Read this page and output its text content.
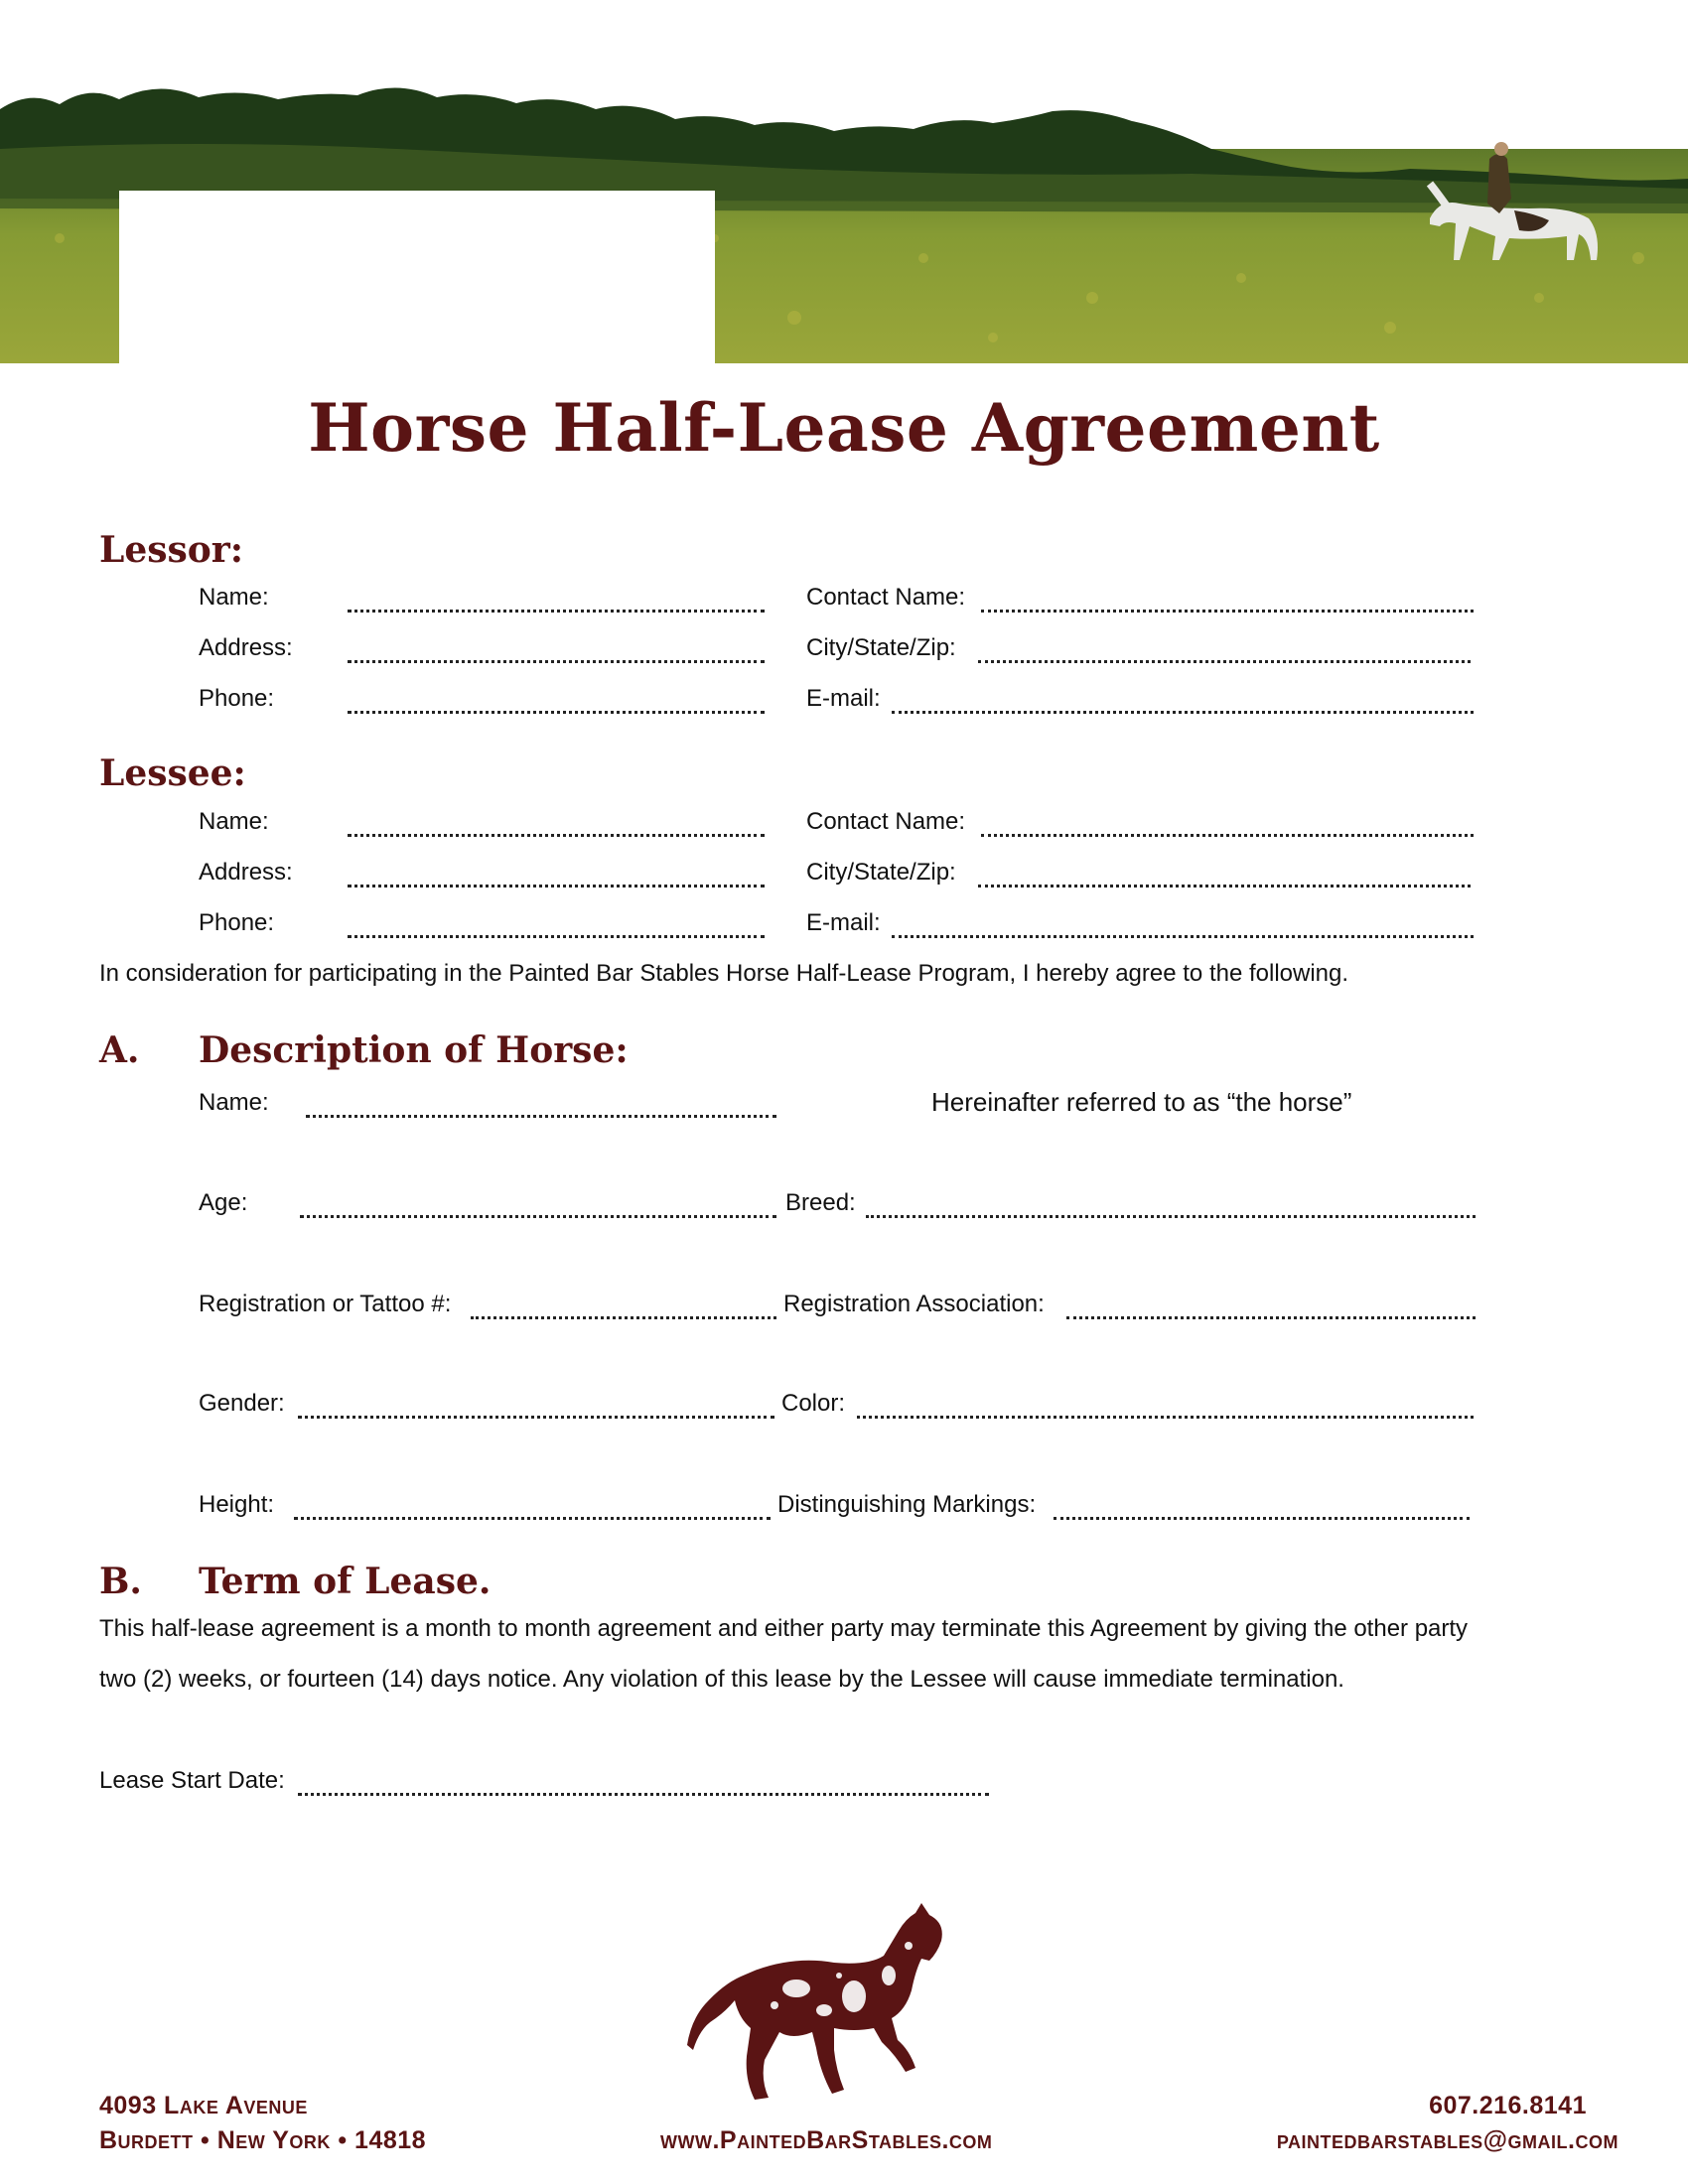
Horse Half-Lease Agreement
Lessor:
Name:	Contact Name:
Address:	City/State/Zip:
Phone:	E-mail:
Lessee:
Name:	Contact Name:
Address:	City/State/Zip:
Phone:	E-mail:
In consideration for participating in the Painted Bar Stables Horse Half-Lease Program, I hereby agree to the following.
A. Description of Horse:
Name:	Hereinafter referred to as “the horse”
Age:	Breed:
Registration or Tattoo #:	Registration Association:
Gender:	Color:
Height:	Distinguishing Markings:
B. Term of Lease.
This half-lease agreement is a month to month agreement and either party may terminate this Agreement by giving the other party
two (2) weeks, or fourteen (14) days notice. Any violation of this lease by the Lessee will cause immediate termination.
Lease Start Date:
4093 Lake Avenue
Burdett • New York • 14818	www.PaintedBarStables.com
607.216.8141
paintedbarstables@gmail.com
